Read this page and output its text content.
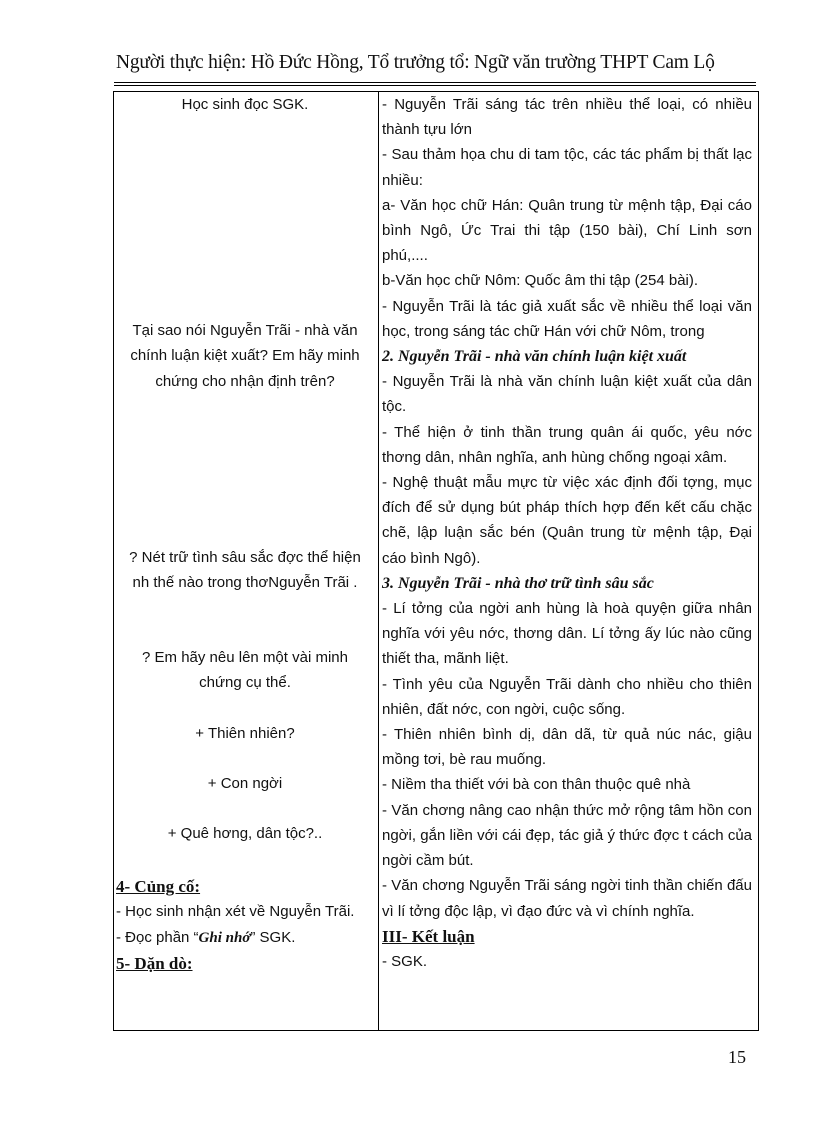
Người thực hiện: Hồ Đức Hồng, Tổ trưởng tổ: Ngữ văn trường THPT Cam Lộ
Học sinh đọc SGK.
Tại sao nói Nguyễn Trãi - nhà văn
chính luận kiệt xuất? Em hãy minh
chứng cho nhận định trên?
? Nét trữ tình sâu sắc đợc thể hiện
nh thế nào trong thơNguyễn Trãi .
? Em hãy nêu lên một vài minh
chứng cụ thể.
+ Thiên nhiên?
+ Con ngời
+ Quê hơng, dân tộc?..
4- Củng cố:
- Học sinh nhận xét về Nguyễn Trãi.
- Đọc phần “Ghi nhớ” SGK.
5- Dặn dò:
- Nguyễn Trãi sáng tác trên nhiều thể loại, có nhiều thành tựu lớn
- Sau thảm họa chu di tam tộc, các tác phẩm bị thất lạc nhiều:
a- Văn học chữ Hán: Quân trung từ mệnh tập, Đại cáo bình Ngô, Ức Trai thi tập (150 bài), Chí Linh sơn phú,....
b-Văn học chữ Nôm: Quốc âm thi tập (254 bài).
- Nguyễn Trãi là tác giả xuất sắc về nhiều thể loại văn học, trong sáng tác chữ Hán với chữ Nôm, trong
2. Nguyễn Trãi - nhà văn chính luận kiệt xuất
- Nguyễn Trãi là nhà văn chính luận kiệt xuất của dân tộc.
- Thể hiện ở tinh thần trung quân ái quốc, yêu nớc thơng dân, nhân nghĩa, anh hùng chống ngoại xâm.
- Nghệ thuật mẫu mực từ việc xác định đối tợng, mục đích để sử dụng bút pháp thích hợp đến kết cấu chặc chẽ, lập luận sắc bén (Quân trung từ mệnh tập, Đại cáo bình Ngô).
3. Nguyễn Trãi - nhà thơ trữ tình sâu sắc
- Lí tởng của ngời anh hùng là hoà quyện giữa nhân nghĩa với yêu nớc, thơng dân. Lí tởng ấy lúc nào cũng thiết tha, mãnh liệt.
- Tình yêu của Nguyễn Trãi dành cho nhiều cho thiên nhiên, đất nớc, con ngời, cuộc sống.
- Thiên nhiên bình dị, dân dã, từ quả núc nác, giậu mồng tơi, bè rau muống.
- Niềm tha thiết với bà con thân thuộc quê nhà
- Văn chơng nâng cao nhận thức mở rộng tâm hồn con ngời, gắn liền với cái đẹp, tác giả ý thức đợc t cách của ngời cầm bút.
- Văn chơng Nguyễn Trãi sáng ngời tinh thần chiến đấu vì lí tởng độc lập, vì đạo đức và vì chính nghĩa.
III- Kết luận
- SGK.
15
